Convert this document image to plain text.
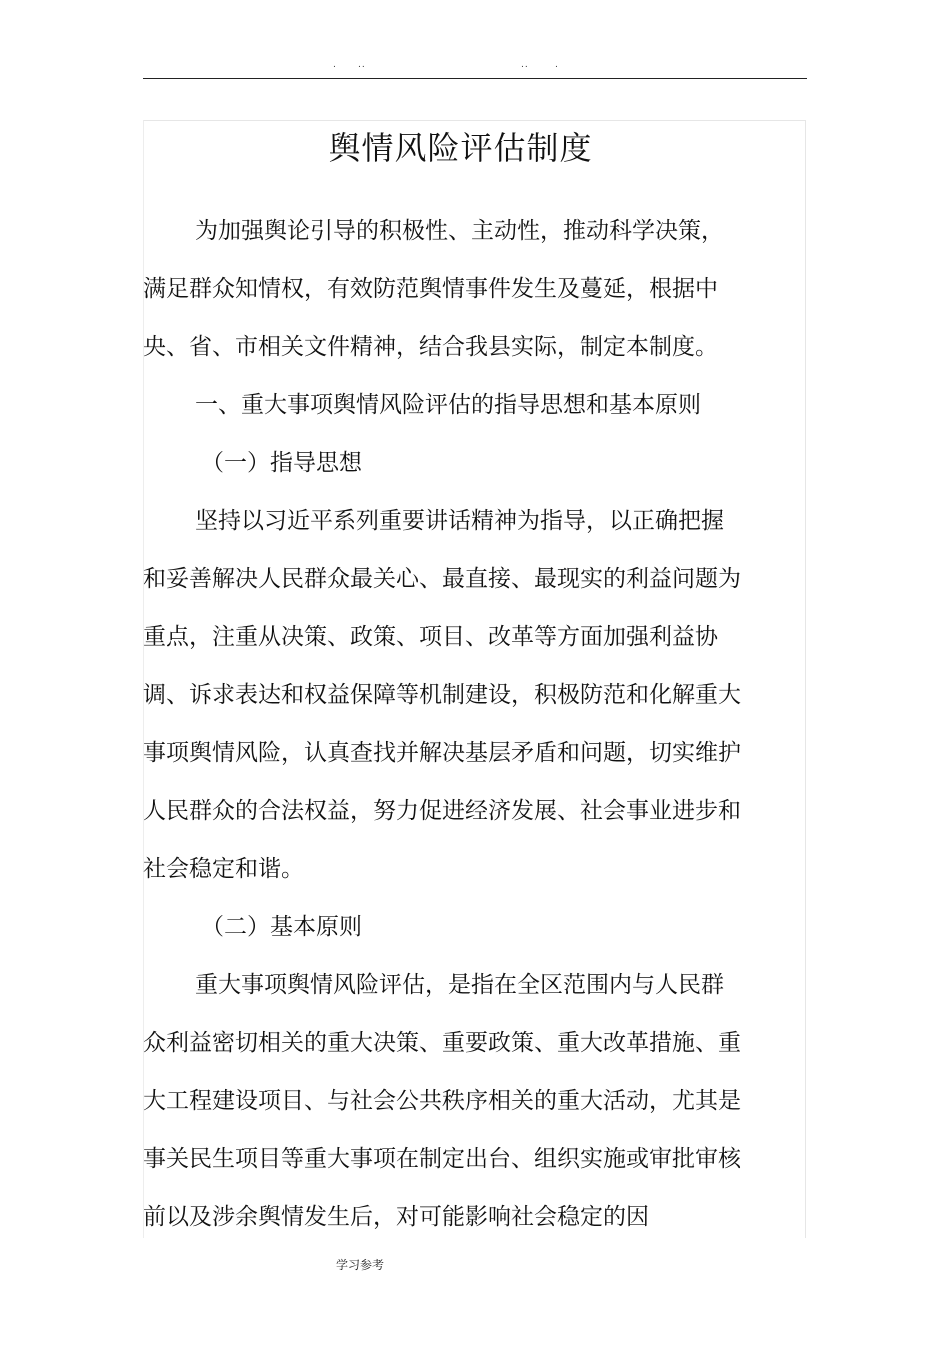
. ..	..	.
舆情风险评估制度

为加强舆论引导的积极性、主动性，推动科学决策，满足群众知情权，有效防范舆情事件发生及蔓延，根据中央、省、市相关文件精神，结合我县实际，制定本制度。

一、重大事项舆情风险评估的指导思想和基本原则

（一）指导思想

坚持以习近平系列重要讲话精神为指导，以正确把握和妥善解决人民群众最关心、最直接、最现实的利益问题为重点，注重从决策、政策、项目、改革等方面加强利益协调、诉求表达和权益保障等机制建设，积极防范和化解重大事项舆情风险，认真查找并解决基层矛盾和问题，切实维护人民群众的合法权益，努力促进经济发展、社会事业进步和社会稳定和谐。

（二）基本原则

重大事项舆情风险评估，是指在全区范围内与人民群众利益密切相关的重大决策、重要政策、重大改革措施、重大工程建设项目、与社会公共秩序相关的重大活动，尤其是事关民生项目等重大事项在制定出台、组织实施或审批审核前以及涉余舆情发生后，对可能影响社会稳定的因

学习参考
